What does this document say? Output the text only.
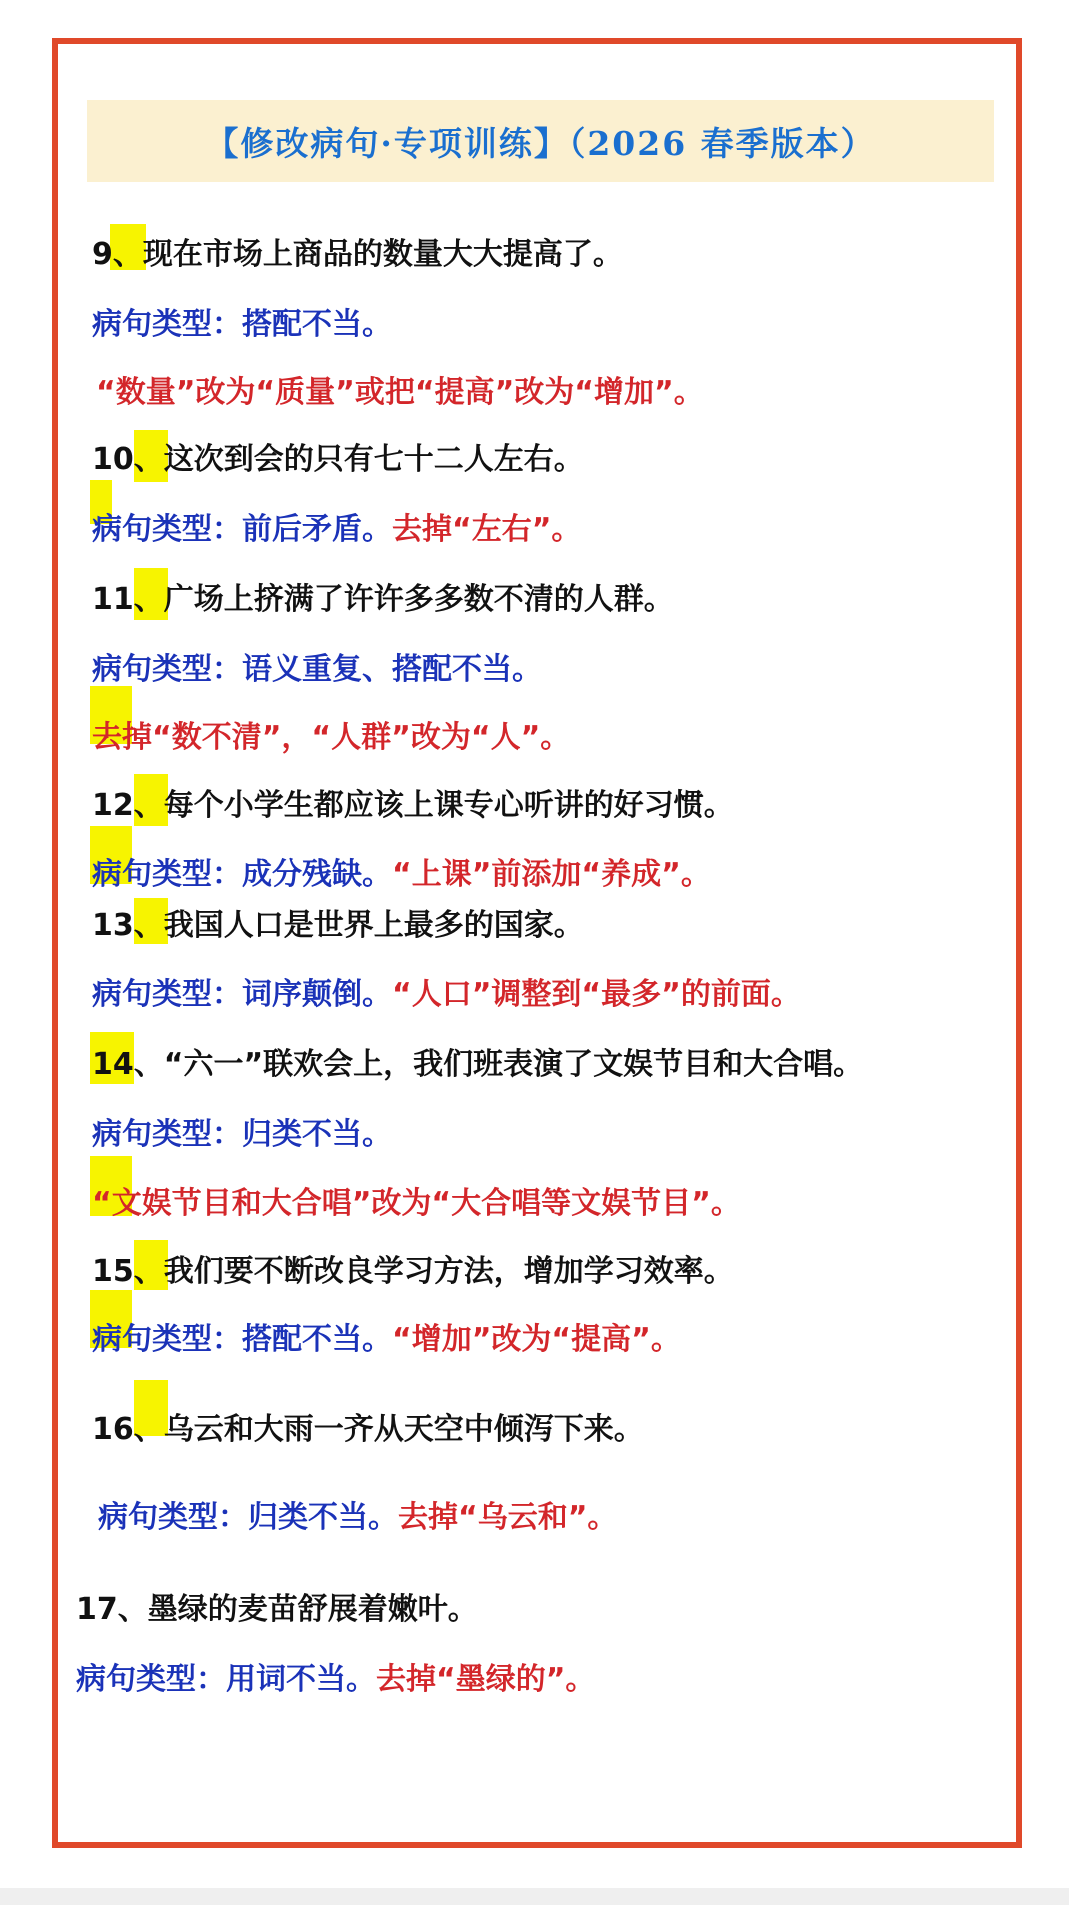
【修改病句·专项训练】（2026 春季版本）
9、现在市场上商品的数量大大提高了。
病句类型：搭配不当。
“数量”改为“质量”或把“提高”改为“增加”。
10、这次到会的只有七十二人左右。
病句类型：前后矛盾。去掉“左右”。
11、广场上挤满了许许多多数不清的人群。
病句类型：语义重复、搭配不当。
去掉“数不清”，“人群”改为“人”。
12、每个小学生都应该上课专心听讲的好习惯。
病句类型：成分残缺。“上课”前添加“养成”。
13、我国人口是世界上最多的国家。
病句类型：词序颠倒。“人口”调整到“最多”的前面。
14、“六一”联欢会上，我们班表演了文娱节目和大合唱。
病句类型：归类不当。
“文娱节目和大合唱”改为“大合唱等文娱节目”。
15、我们要不断改良学习方法，增加学习效率。
病句类型：搭配不当。“增加”改为“提高”。
16、乌云和大雨一齐从天空中倾泻下来。
病句类型：归类不当。去掉“乌云和”。
17、墨绿的麦苗舒展着嫩叶。
病句类型：用词不当。去掉“墨绿的”。
